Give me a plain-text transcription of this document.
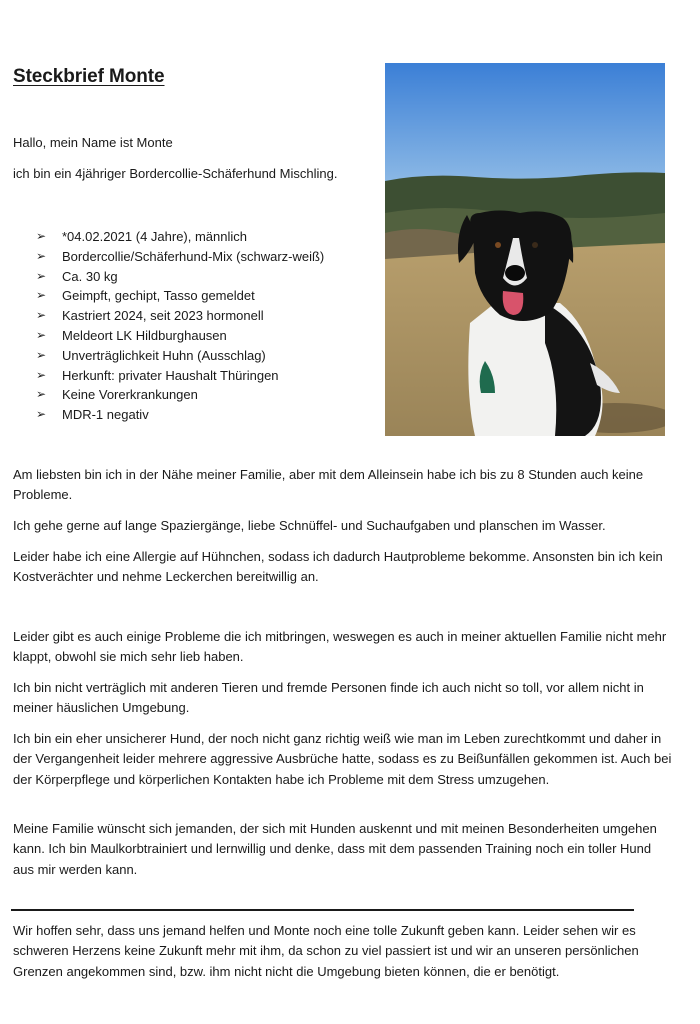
Steckbrief Monte

Hallo, mein Name ist Monte

ich bin ein 4jähriger Bordercollie-Schäferhund Mischling.

➢	*04.02.2021 (4 Jahre), männlich
➢	Bordercollie/Schäferhund-Mix (schwarz-weiß)
➢	Ca. 30 kg
➢	Geimpft, gechipt, Tasso gemeldet
➢	Kastriert 2024, seit 2023 hormonell
➢	Meldeort LK Hildburghausen
➢	Unverträglichkeit Huhn (Ausschlag)
➢	Herkunft: privater Haushalt Thüringen
➢	Keine Vorerkrankungen
➢	MDR-1 negativ

Am liebsten bin ich in der Nähe meiner Familie, aber mit dem Alleinsein habe ich bis zu 8 Stunden auch keine Probleme.

Ich gehe gerne auf lange Spaziergänge, liebe Schnüffel- und Suchaufgaben und planschen im Wasser.

Leider habe ich eine Allergie auf Hühnchen, sodass ich dadurch Hautprobleme bekomme. Ansonsten bin ich kein Kostverächter und nehme Leckerchen bereitwillig an.

Leider gibt es auch einige Probleme die ich mitbringen, weswegen es auch in meiner aktuellen Familie nicht mehr klappt, obwohl sie mich sehr lieb haben.

Ich bin nicht verträglich mit anderen Tieren und fremde Personen finde ich auch nicht so toll, vor allem nicht in meiner häuslichen Umgebung.

Ich bin ein eher unsicherer Hund, der noch nicht ganz richtig weiß wie man im Leben zurechtkommt und daher in der Vergangenheit leider mehrere aggressive Ausbrüche hatte, sodass es zu Beißunfällen gekommen ist. Auch bei der Körperpflege und körperlichen Kontakten habe ich Probleme mit dem Stress umzugehen.

Meine Familie wünscht sich jemanden, der sich mit Hunden auskennt und mit meinen Besonderheiten umgehen kann. Ich bin Maulkorbtrainiert und lernwillig und denke, dass mit dem passenden Training noch ein toller Hund aus mir werden kann.

Wir hoffen sehr, dass uns jemand helfen und Monte noch eine tolle Zukunft geben kann. Leider sehen wir es schweren Herzens keine Zukunft mehr mit ihm, da schon zu viel passiert ist und wir an unseren persönlichen Grenzen angekommen sind, bzw. ihm nicht nicht die Umgebung bieten können, die er benötigt.
